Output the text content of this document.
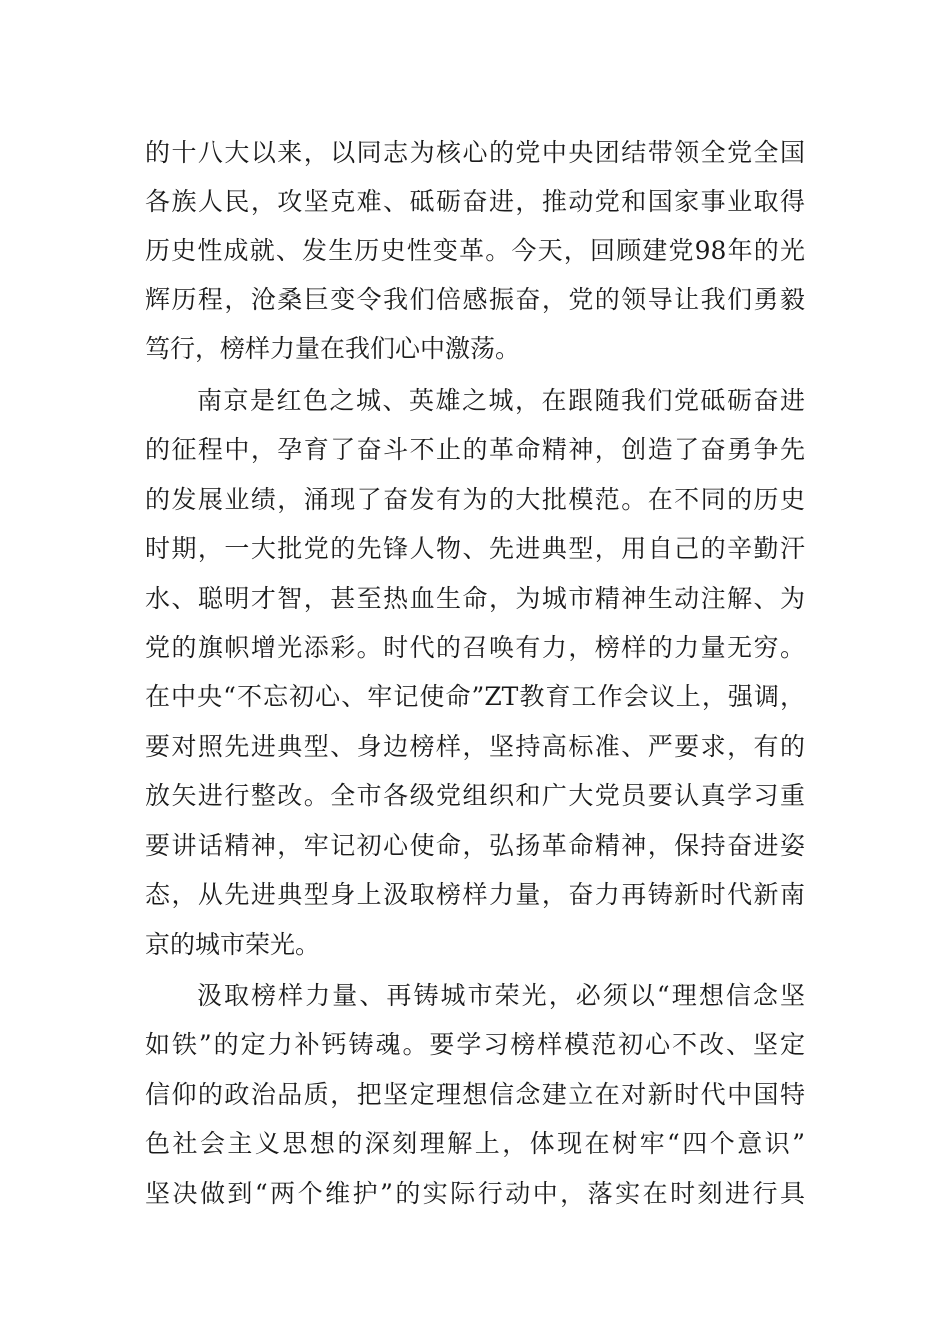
的十八大以来，以同志为核心的党中央团结带领全党全国
各族人民，攻坚克难、砥砺奋进，推动党和国家事业取得
历史性成就、发生历史性变革。今天，回顾建党98年的光
辉历程，沧桑巨变令我们倍感振奋，党的领导让我们勇毅
笃行，榜样力量在我们心中激荡。
南京是红色之城、英雄之城，在跟随我们党砥砺奋进
的征程中，孕育了奋斗不止的革命精神，创造了奋勇争先
的发展业绩，涌现了奋发有为的大批模范。在不同的历史
时期，一大批党的先锋人物、先进典型，用自己的辛勤汗
水、聪明才智，甚至热血生命，为城市精神生动注解、为
党的旗帜增光添彩。时代的召唤有力，榜样的力量无穷。
在中央“不忘初心、牢记使命”ZT教育工作会议上，强调，
要对照先进典型、身边榜样，坚持高标准、严要求，有的
放矢进行整改。全市各级党组织和广大党员要认真学习重
要讲话精神，牢记初心使命，弘扬革命精神，保持奋进姿
态，从先进典型身上汲取榜样力量，奋力再铸新时代新南
京的城市荣光。
汲取榜样力量、再铸城市荣光，必须以“理想信念坚
如铁”的定力补钙铸魂。要学习榜样模范初心不改、坚定
信仰的政治品质，把坚定理想信念建立在对新时代中国特
色社会主义思想的深刻理解上，体现在树牢“四个意识”
坚决做到“两个维护”的实际行动中，落实在时刻进行具
